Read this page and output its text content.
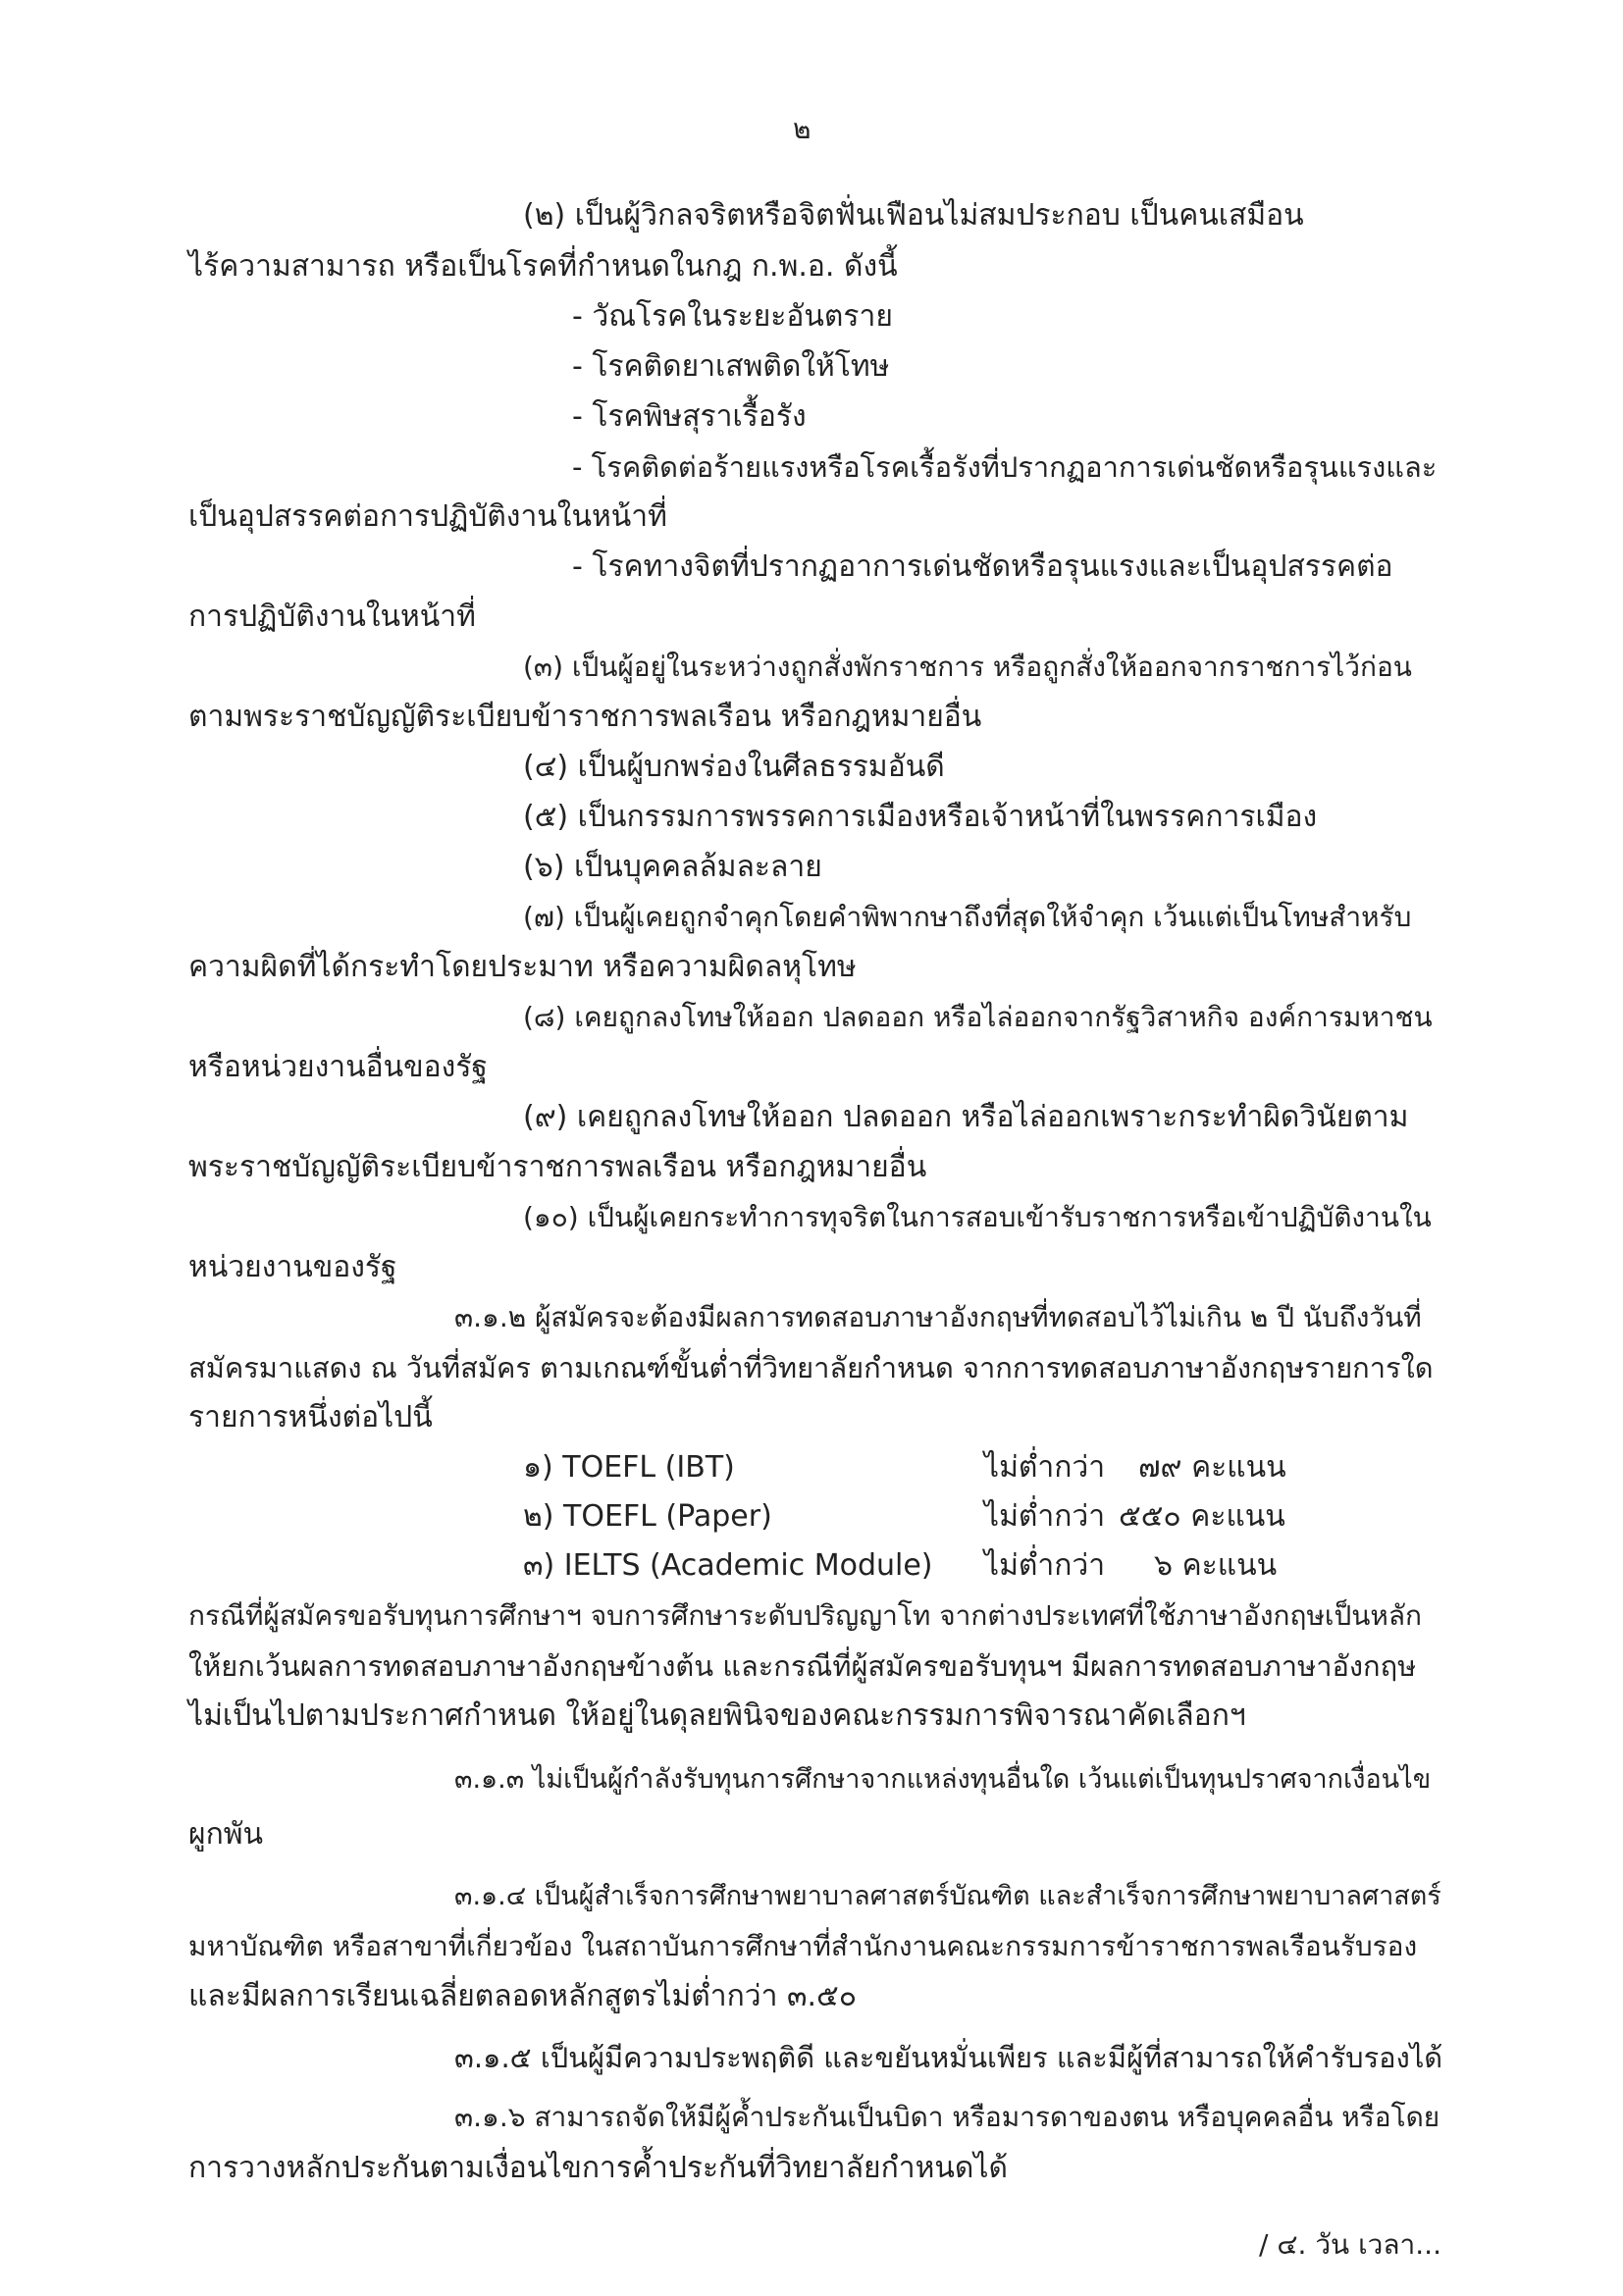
๒
(๒) เป็นผู้วิกลจริตหรือจิตฟั่นเฟือนไม่สมประกอบ เป็นคนเสมือน
ไร้ความสามารถ หรือเป็นโรคที่กำหนดในกฎ ก.พ.อ. ดังนี้
- วัณโรคในระยะอันตราย
- โรคติดยาเสพติดให้โทษ
- โรคพิษสุราเรื้อรัง
- โรคติดต่อร้ายแรงหรือโรคเรื้อรังที่ปรากฏอาการเด่นชัดหรือรุนแรงและ
เป็นอุปสรรคต่อการปฏิบัติงานในหน้าที่
- โรคทางจิตที่ปรากฏอาการเด่นชัดหรือรุนแรงและเป็นอุปสรรคต่อ
การปฏิบัติงานในหน้าที่
(๓) เป็นผู้อยู่ในระหว่างถูกสั่งพักราชการ หรือถูกสั่งให้ออกจากราชการไว้ก่อน
ตามพระราชบัญญัติระเบียบข้าราชการพลเรือน หรือกฎหมายอื่น
(๔) เป็นผู้บกพร่องในศีลธรรมอันดี
(๕) เป็นกรรมการพรรคการเมืองหรือเจ้าหน้าที่ในพรรคการเมือง
(๖) เป็นบุคคลล้มละลาย
(๗) เป็นผู้เคยถูกจำคุกโดยคำพิพากษาถึงที่สุดให้จำคุก เว้นแต่เป็นโทษสำหรับ
ความผิดที่ได้กระทำโดยประมาท หรือความผิดลหุโทษ
(๘) เคยถูกลงโทษให้ออก ปลดออก หรือไล่ออกจากรัฐวิสาหกิจ องค์การมหาชน
หรือหน่วยงานอื่นของรัฐ
(๙) เคยถูกลงโทษให้ออก ปลดออก หรือไล่ออกเพราะกระทำผิดวินัยตาม
พระราชบัญญัติระเบียบข้าราชการพลเรือน หรือกฎหมายอื่น
(๑๐) เป็นผู้เคยกระทำการทุจริตในการสอบเข้ารับราชการหรือเข้าปฏิบัติงานใน
หน่วยงานของรัฐ
๓.๑.๒ ผู้สมัครจะต้องมีผลการทดสอบภาษาอังกฤษที่ทดสอบไว้ไม่เกิน ๒ ปี นับถึงวันที่
สมัครมาแสดง ณ วันที่สมัคร ตามเกณฑ์ขั้นต่ำที่วิทยาลัยกำหนด จากการทดสอบภาษาอังกฤษรายการใด
รายการหนึ่งต่อไปนี้
๑) TOEFL (IBT)	ไม่ต่ำกว่า ๗๙ คะแนน
๒) TOEFL (Paper)	ไม่ต่ำกว่า ๕๕๐ คะแนน
๓) IELTS (Academic Module) ไม่ต่ำกว่า ๖ คะแนน
กรณีที่ผู้สมัครขอรับทุนการศึกษาฯ จบการศึกษาระดับปริญญาโท จากต่างประเทศที่ใช้ภาษาอังกฤษเป็นหลัก
ให้ยกเว้นผลการทดสอบภาษาอังกฤษข้างต้น และกรณีที่ผู้สมัครขอรับทุนฯ มีผลการทดสอบภาษาอังกฤษ
ไม่เป็นไปตามประกาศกำหนด ให้อยู่ในดุลยพินิจของคณะกรรมการพิจารณาคัดเลือกฯ
๓.๑.๓ ไม่เป็นผู้กำลังรับทุนการศึกษาจากแหล่งทุนอื่นใด เว้นแต่เป็นทุนปราศจากเงื่อนไข
ผูกพัน
๓.๑.๔ เป็นผู้สำเร็จการศึกษาพยาบาลศาสตร์บัณฑิต และสำเร็จการศึกษาพยาบาลศาสตร์
มหาบัณฑิต หรือสาขาที่เกี่ยวข้อง ในสถาบันการศึกษาที่สำนักงานคณะกรรมการข้าราชการพลเรือนรับรอง
และมีผลการเรียนเฉลี่ยตลอดหลักสูตรไม่ต่ำกว่า ๓.๕๐
๓.๑.๕ เป็นผู้มีความประพฤติดี และขยันหมั่นเพียร และมีผู้ที่สามารถให้คำรับรองได้
๓.๑.๖ สามารถจัดให้มีผู้ค้ำประกันเป็นบิดา หรือมารดาของตน หรือบุคคลอื่น หรือโดย
การวางหลักประกันตามเงื่อนไขการค้ำประกันที่วิทยาลัยกำหนดได้
/ ๔. วัน เวลา...
